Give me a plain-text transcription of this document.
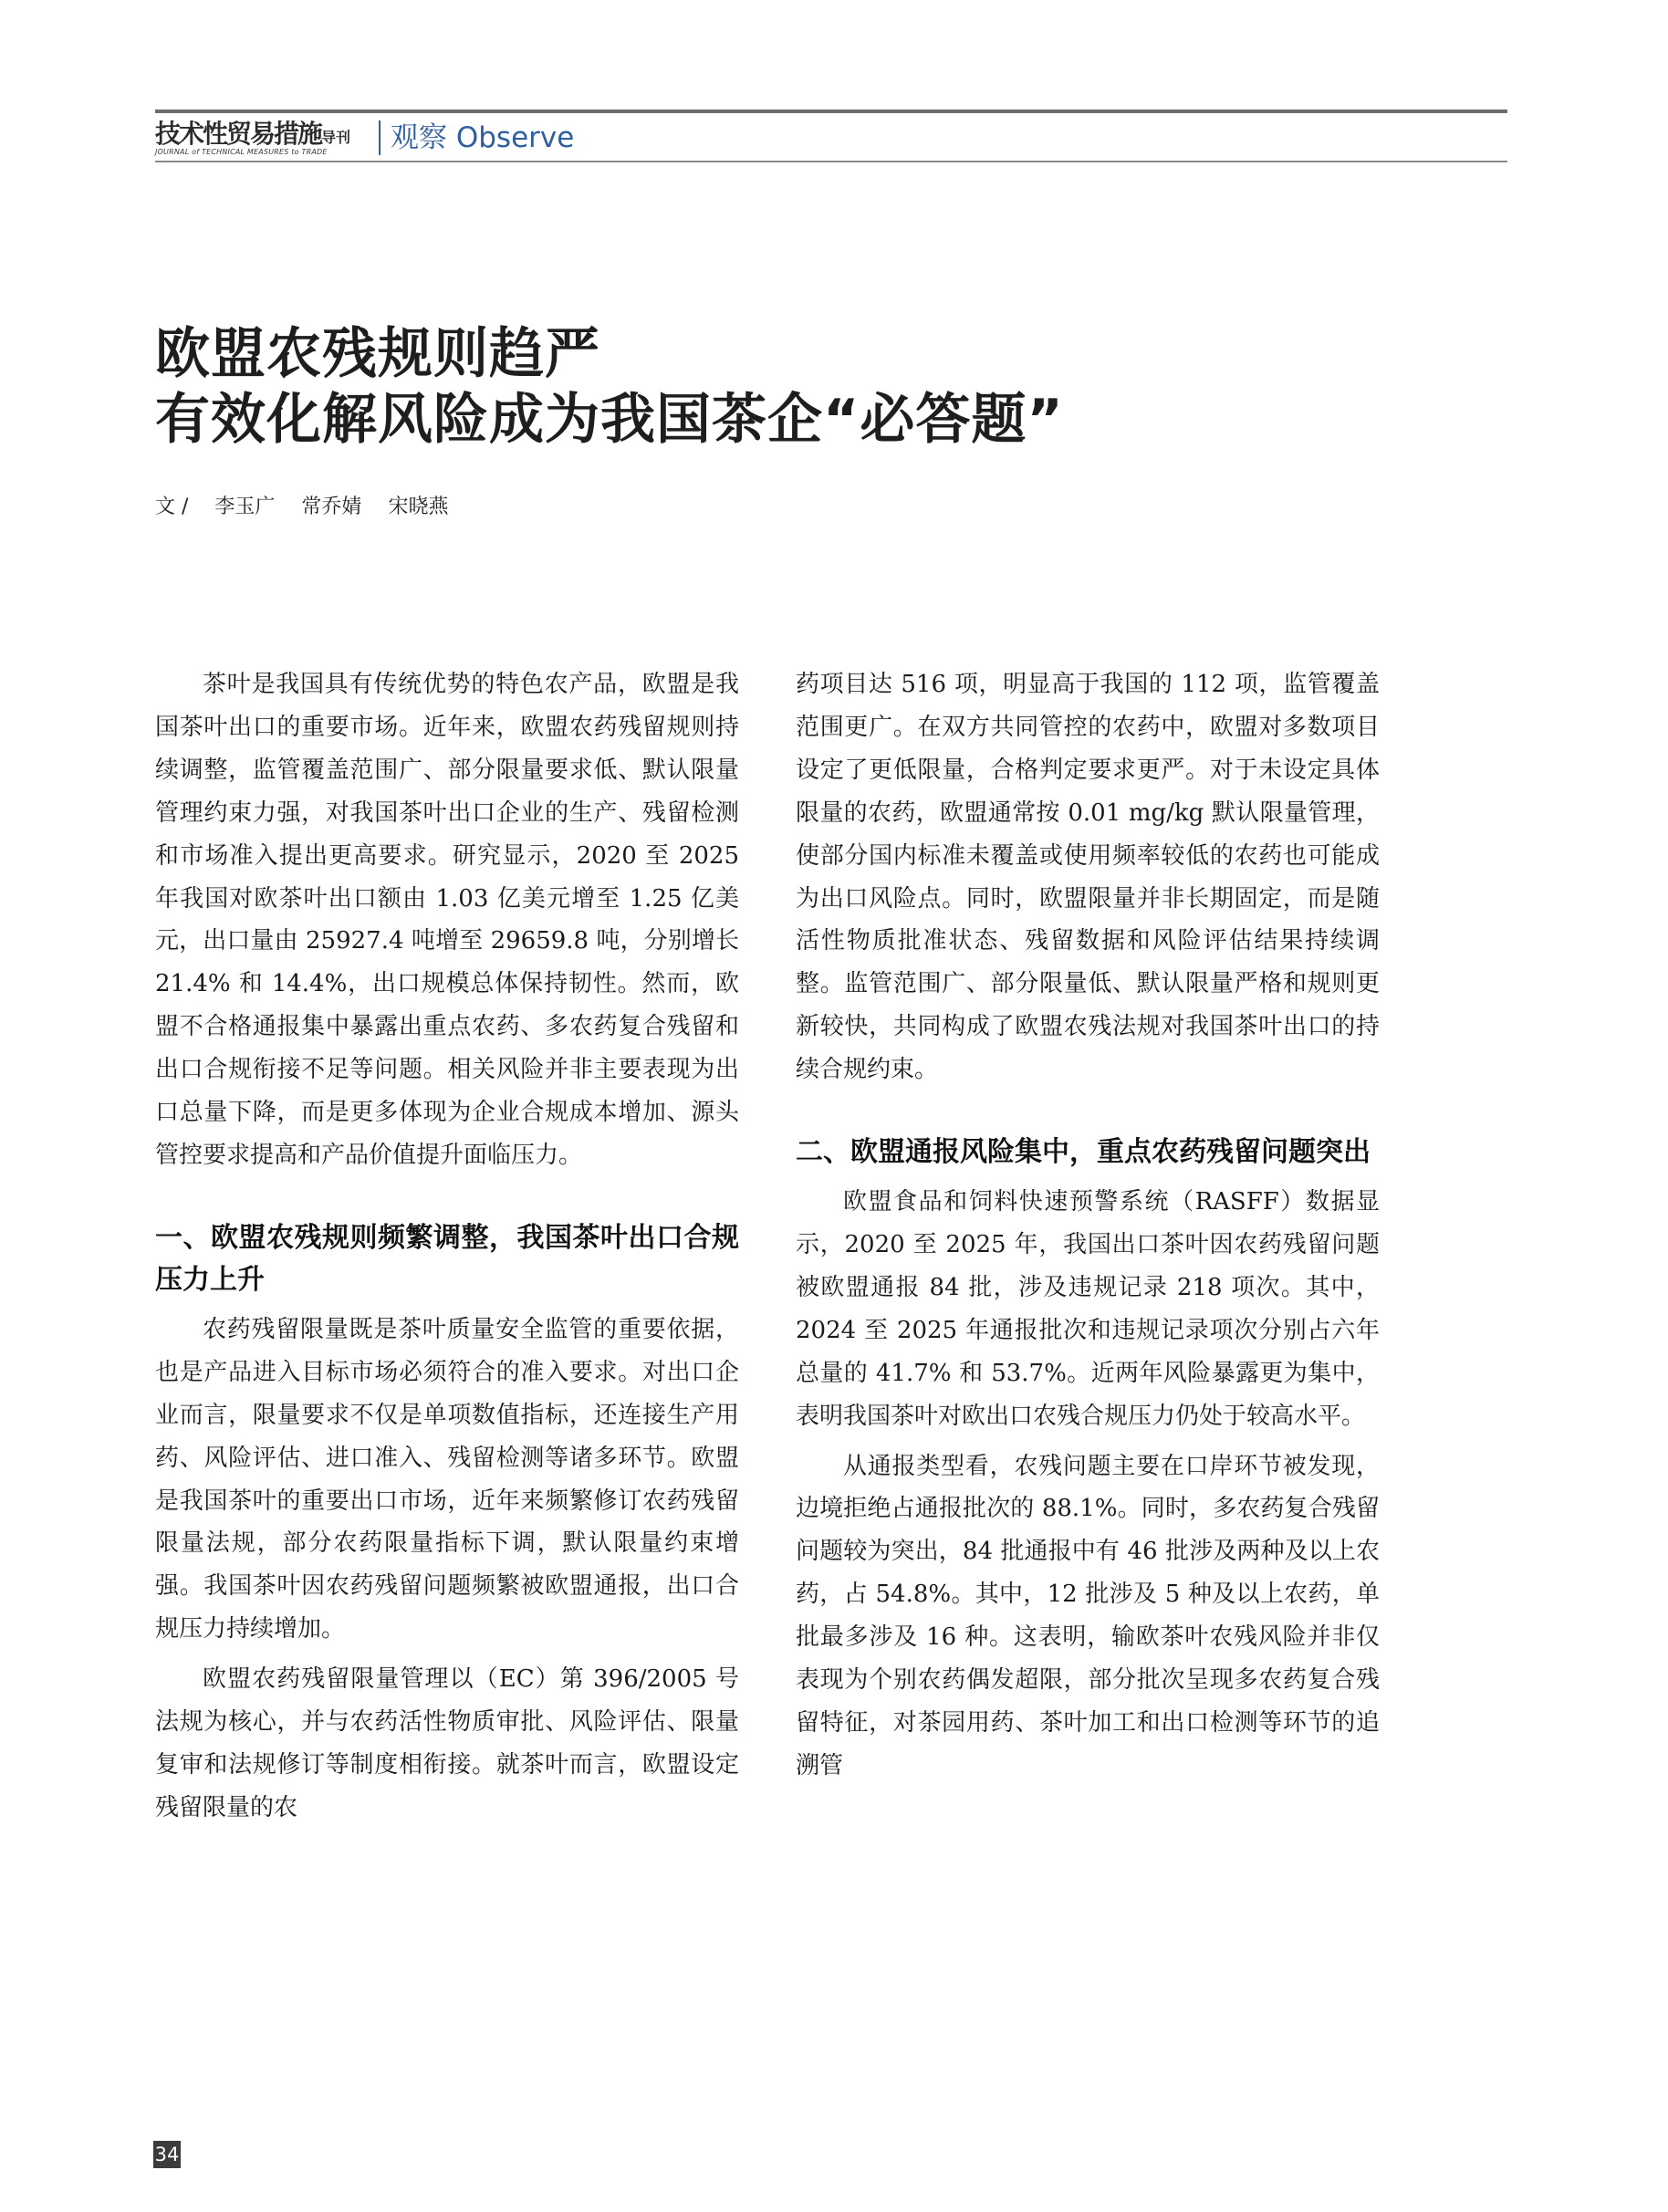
技术性贸易措施导刊
JOURNAL of TECHNICAL MEASURES to TRADE 观察 Observe
欧盟农残规则趋严
有效化解风险成为我国茶企“必答题”
文 / 李玉广 常乔婧 宋晓燕

茶叶是我国具有传统优势的特色农产品，欧盟是我国茶叶出口的重要市场。近年来，欧盟农药残留规则持续调整，监管覆盖范围广、部分限量要求低、默认限量管理约束力强，对我国茶叶出口企业的生产、残留检测和市场准入提出更高要求。研究显示，2020 至 2025 年我国对欧茶叶出口额由 1.03 亿美元增至 1.25 亿美元，出口量由 25927.4 吨增至 29659.8 吨，分别增长 21.4% 和 14.4%，出口规模总体保持韧性。然而，欧盟不合格通报集中暴露出重点农药、多农药复合残留和出口合规衔接不足等问题。相关风险并非主要表现为出口总量下降，而是更多体现为企业合规成本增加、源头管控要求提高和产品价值提升面临压力。

一、欧盟农残规则频繁调整，我国茶叶出口合规压力上升

农药残留限量既是茶叶质量安全监管的重要依据，也是产品进入目标市场必须符合的准入要求。对出口企业而言，限量要求不仅是单项数值指标，还连接生产用药、风险评估、进口准入、残留检测等诸多环节。欧盟是我国茶叶的重要出口市场，近年来频繁修订农药残留限量法规，部分农药限量指标下调，默认限量约束增强。我国茶叶因农药残留问题频繁被欧盟通报，出口合规压力持续增加。

欧盟农药残留限量管理以（EC）第 396/2005 号法规为核心，并与农药活性物质审批、风险评估、限量复审和法规修订等制度相衔接。就茶叶而言，欧盟设定残留限量的农

药项目达 516 项，明显高于我国的 112 项，监管覆盖范围更广。在双方共同管控的农药中，欧盟对多数项目设定了更低限量，合格判定要求更严。对于未设定具体限量的农药，欧盟通常按 0.01 mg/kg 默认限量管理，使部分国内标准未覆盖或使用频率较低的农药也可能成为出口风险点。同时，欧盟限量并非长期固定，而是随活性物质批准状态、残留数据和风险评估结果持续调整。监管范围广、部分限量低、默认限量严格和规则更新较快，共同构成了欧盟农残法规对我国茶叶出口的持续合规约束。

二、欧盟通报风险集中，重点农药残留问题突出

欧盟食品和饲料快速预警系统（RASFF）数据显示，2020 至 2025 年，我国出口茶叶因农药残留问题被欧盟通报 84 批，涉及违规记录 218 项次。其中，2024 至 2025 年通报批次和违规记录项次分别占六年总量的 41.7% 和 53.7%。近两年风险暴露更为集中，表明我国茶叶对欧出口农残合规压力仍处于较高水平。

从通报类型看，农残问题主要在口岸环节被发现，边境拒绝占通报批次的 88.1%。同时，多农药复合残留问题较为突出，84 批通报中有 46 批涉及两种及以上农药，占 54.8%。其中，12 批涉及 5 种及以上农药，单批最多涉及 16 种。这表明，输欧茶叶农残风险并非仅表现为个别农药偶发超限，部分批次呈现多农药复合残留特征，对茶园用药、茶叶加工和出口检测等环节的追溯管

34
